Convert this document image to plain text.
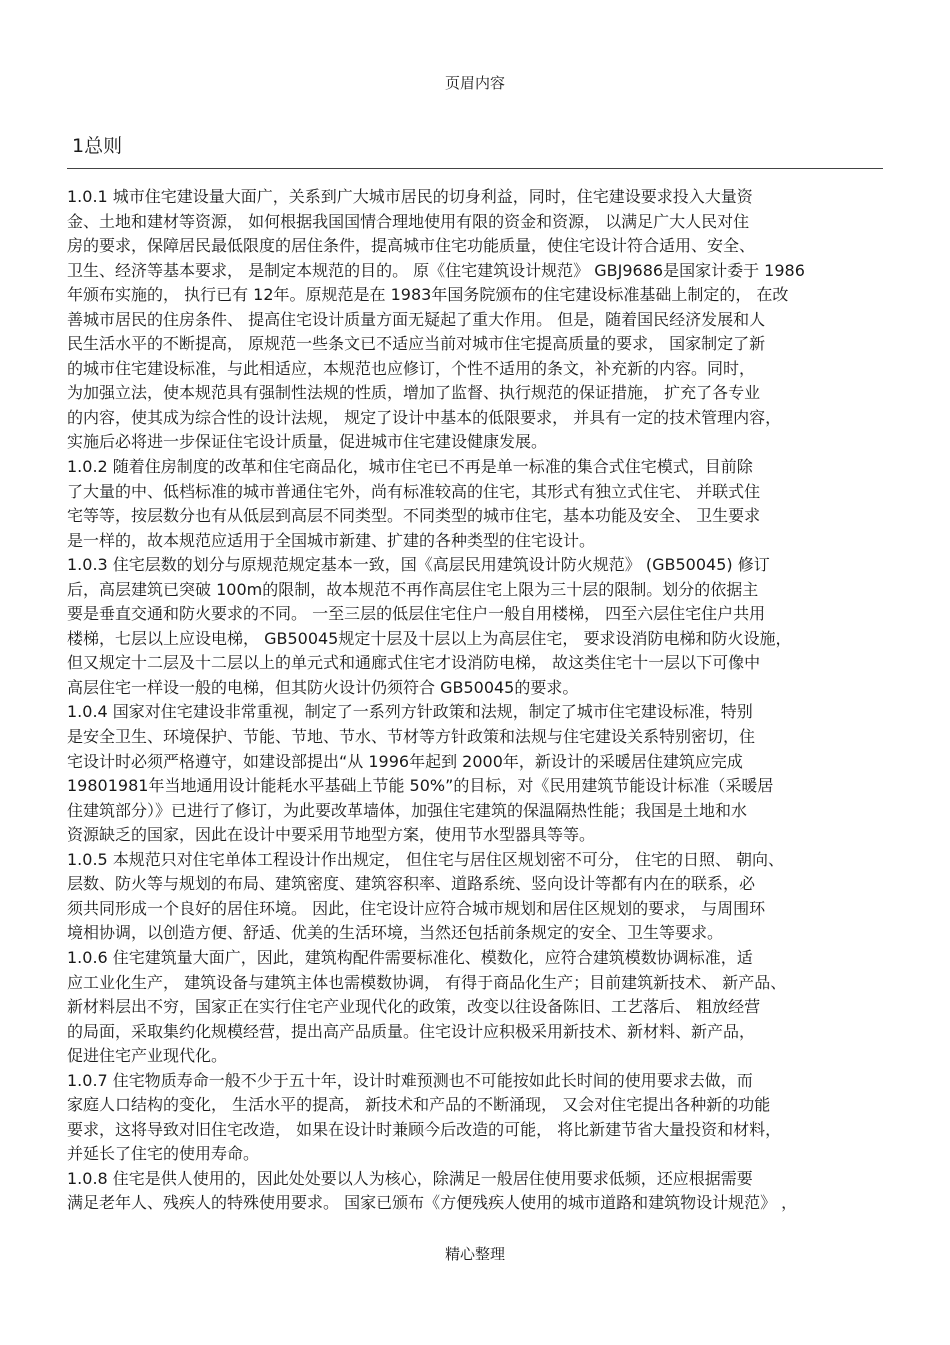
页眉内容
1总则
1.0.1 城市住宅建设量大面广，关系到广大城市居民的切身利益，同时，住宅建设要求投入大量资
金、土地和建材等资源， 如何根据我国国情合理地使用有限的资金和资源， 以满足广大人民对住
房的要求，保障居民最低限度的居住条件，提高城市住宅功能质量，使住宅设计符合适用、安全、
卫生、经济等基本要求， 是制定本规范的目的。 原《住宅建筑设计规范》 GBJ9686是国家计委于 1986
年颁布实施的， 执行已有 12年。原规范是在 1983年国务院颁布的住宅建设标准基础上制定的， 在改
善城市居民的住房条件、 提高住宅设计质量方面无疑起了重大作用。 但是，随着国民经济发展和人
民生活水平的不断提高， 原规范一些条文已不适应当前对城市住宅提高质量的要求， 国家制定了新
的城市住宅建设标准，与此相适应，本规范也应修订，个性不适用的条文，补充新的内容。同时，
为加强立法，使本规范具有强制性法规的性质，增加了监督、执行规范的保证措施， 扩充了各专业
的内容，使其成为综合性的设计法规， 规定了设计中基本的低限要求， 并具有一定的技术管理内容，
实施后必将进一步保证住宅设计质量，促进城市住宅建设健康发展。
1.0.2 随着住房制度的改革和住宅商品化，城市住宅已不再是单一标准的集合式住宅模式，目前除
了大量的中、低档标准的城市普通住宅外，尚有标准较高的住宅，其形式有独立式住宅、 并联式住
宅等等，按层数分也有从低层到高层不同类型。不同类型的城市住宅，基本功能及安全、 卫生要求
是一样的，故本规范应适用于全国城市新建、扩建的各种类型的住宅设计。
1.0.3 住宅层数的划分与原规范规定基本一致，国《高层民用建筑设计防火规范》 (GB50045) 修订
后，高层建筑已突破 100m的限制，故本规范不再作高层住宅上限为三十层的限制。划分的依据主
要是垂直交通和防火要求的不同。 一至三层的低层住宅住户一般自用楼梯， 四至六层住宅住户共用
楼梯，七层以上应设电梯， GB50045规定十层及十层以上为高层住宅， 要求设消防电梯和防火设施，
但又规定十二层及十二层以上的单元式和通廊式住宅才设消防电梯， 故这类住宅十一层以下可像中
高层住宅一样设一般的电梯，但其防火设计仍须符合 GB50045的要求。
1.0.4 国家对住宅建设非常重视，制定了一系列方针政策和法规，制定了城市住宅建设标准，特别
是安全卫生、环境保护、节能、节地、节水、节材等方针政策和法规与住宅建设关系特别密切，住
宅设计时必须严格遵守，如建设部提出“从 1996年起到 2000年，新设计的采暖居住建筑应完成
19801981年当地通用设计能耗水平基础上节能 50%”的目标，对《民用建筑节能设计标准（采暖居
住建筑部分）》已进行了修订，为此要改革墙体，加强住宅建筑的保温隔热性能；我国是土地和水
资源缺乏的国家，因此在设计中要采用节地型方案，使用节水型器具等等。
1.0.5 本规范只对住宅单体工程设计作出规定， 但住宅与居住区规划密不可分， 住宅的日照、 朝向、
层数、防火等与规划的布局、建筑密度、建筑容积率、道路系统、竖向设计等都有内在的联系，必
须共同形成一个良好的居住环境。 因此，住宅设计应符合城市规划和居住区规划的要求， 与周围环
境相协调，以创造方便、舒适、优美的生活环境，当然还包括前条规定的安全、卫生等要求。
1.0.6 住宅建筑量大面广，因此，建筑构配件需要标准化、模数化，应符合建筑模数协调标准，适
应工业化生产， 建筑设备与建筑主体也需模数协调， 有得于商品化生产；目前建筑新技术、 新产品、
新材料层出不穷，国家正在实行住宅产业现代化的政策，改变以往设备陈旧、工艺落后、 粗放经营
的局面，采取集约化规模经营，提出高产品质量。住宅设计应积极采用新技术、新材料、新产品，
促进住宅产业现代化。
1.0.7 住宅物质寿命一般不少于五十年，设计时难预测也不可能按如此长时间的使用要求去做，而
家庭人口结构的变化， 生活水平的提高， 新技术和产品的不断涌现， 又会对住宅提出各种新的功能
要求，这将导致对旧住宅改造， 如果在设计时兼顾今后改造的可能， 将比新建节省大量投资和材料，
并延长了住宅的使用寿命。
1.0.8 住宅是供人使用的，因此处处要以人为核心，除满足一般居住使用要求低频，还应根据需要
满足老年人、残疾人的特殊使用要求。 国家已颁布《方便残疾人使用的城市道路和建筑物设计规范》 ，
精心整理
